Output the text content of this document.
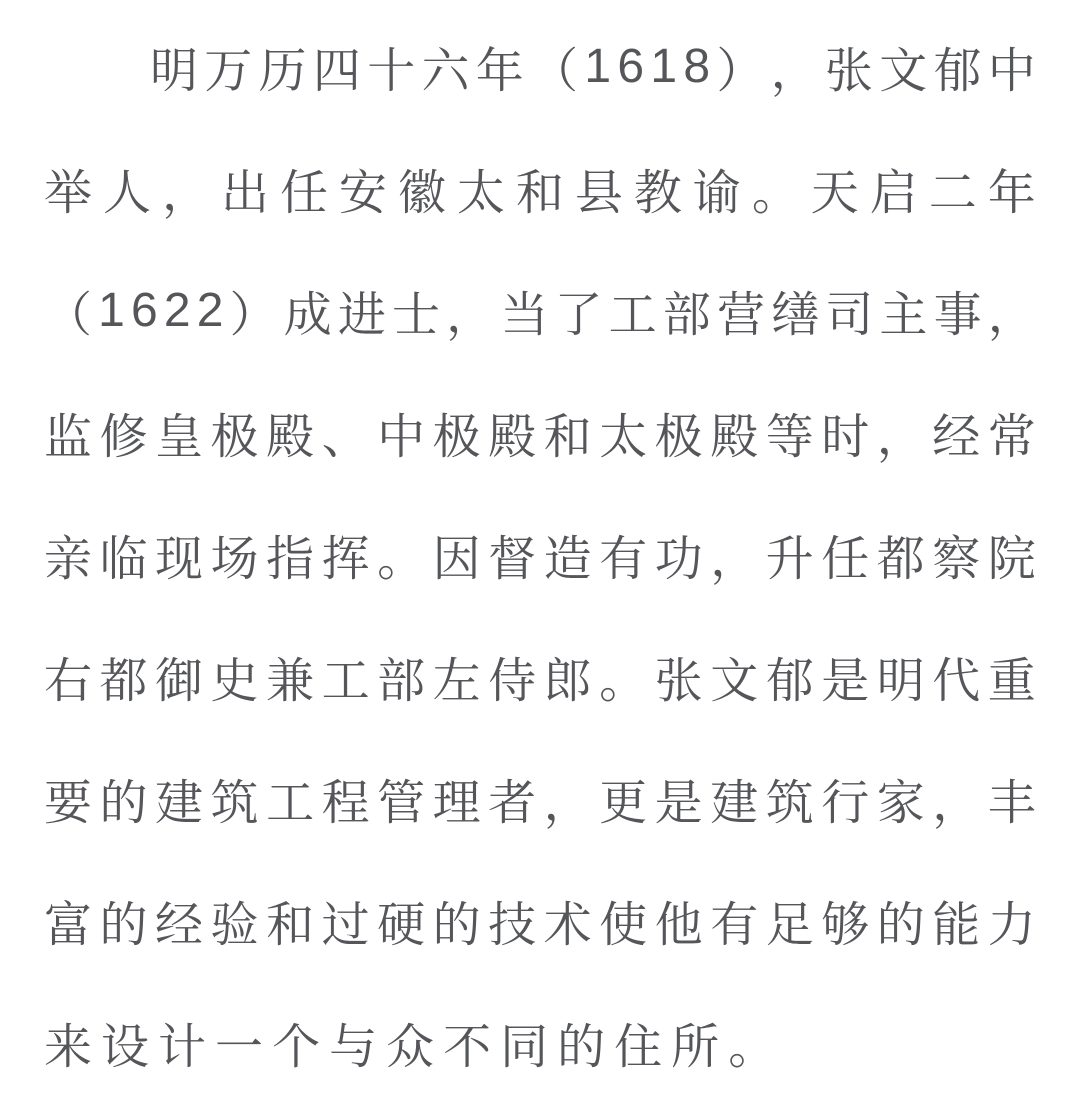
明 万 历 四 十 六 年 （ 1 6 1 8 ） ， 张 文 郁 中
举 人 ， 出 任 安 徽 太 和 县 教 谕 。 天 启 二 年
（ 1 6 2 2 ） 成 进 士 ， 当 了 工 部 营 缮 司 主 事 ，
监 修 皇 极 殿 、 中 极 殿 和 太 极 殿 等 时 ， 经 常
亲 临 现 场 指 挥 。 因 督 造 有 功 ， 升 任 都 察 院
右 都 御 史 兼 工 部 左 侍 郎 。 张 文 郁 是 明 代 重
要 的 建 筑 工 程 管 理 者 ， 更 是 建 筑 行 家 ， 丰
富 的 经 验 和 过 硬 的 技 术 使 他 有 足 够 的 能 力
来 设 计 一 个 与 众 不 同 的 住 所 。
